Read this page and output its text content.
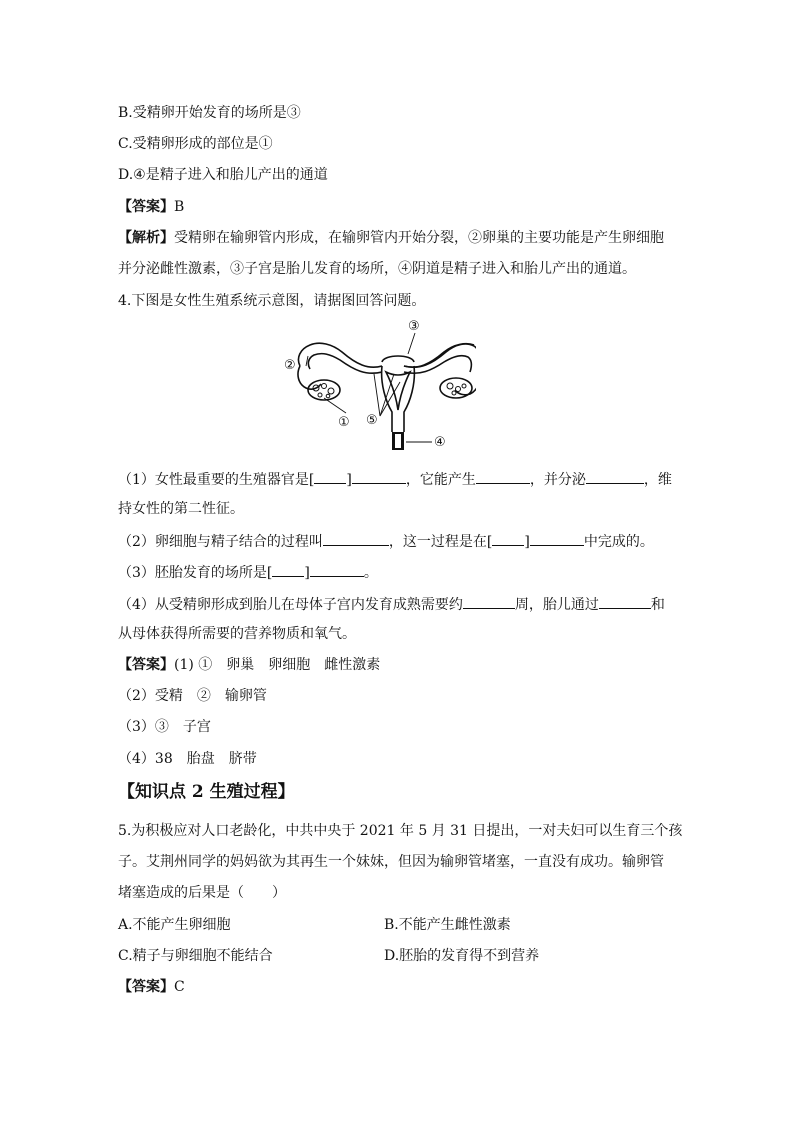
B.受精卵开始发育的场所是③
C.受精卵形成的部位是①
D.④是精子进入和胎儿产出的通道
【答案】B
【解析】受精卵在输卵管内形成，在输卵管内开始分裂，②卵巢的主要功能是产生卵细胞
并分泌雌性激素，③子宫是胎儿发育的场所，④阴道是精子进入和胎儿产出的通道。
4.下图是女性生殖系统示意图，请据图回答问题。
③
②
① ⑤
④
（1）女性最重要的生殖器官是[ ]	，它能产生	，并分泌	，维
持女性的第二性征。
（2）卵细胞与精子结合的过程叫	，这一过程是在[ ]	中完成的。
（3）胚胎发育的场所是[ ]	。
（4）从受精卵形成到胎儿在母体子宫内发育成熟需要约	周，胎儿通过	和
从母体获得所需要的营养物质和氧气。
【答案】(1) ①　卵巢　卵细胞　雌性激素
（2）受精　②　输卵管
（3）③　子宫
（4）38　胎盘　脐带
【知识点 2 生殖过程】
5.为积极应对人口老龄化，中共中央于 2021 年 5 月 31 日提出，一对夫妇可以生育三个孩
子。艾荆州同学的妈妈欲为其再生一个妹妹，但因为输卵管堵塞，一直没有成功。输卵管
堵塞造成的后果是（　　）
A.不能产生卵细胞	B.不能产生雌性激素
C.精子与卵细胞不能结合	D.胚胎的发育得不到营养
【答案】C
